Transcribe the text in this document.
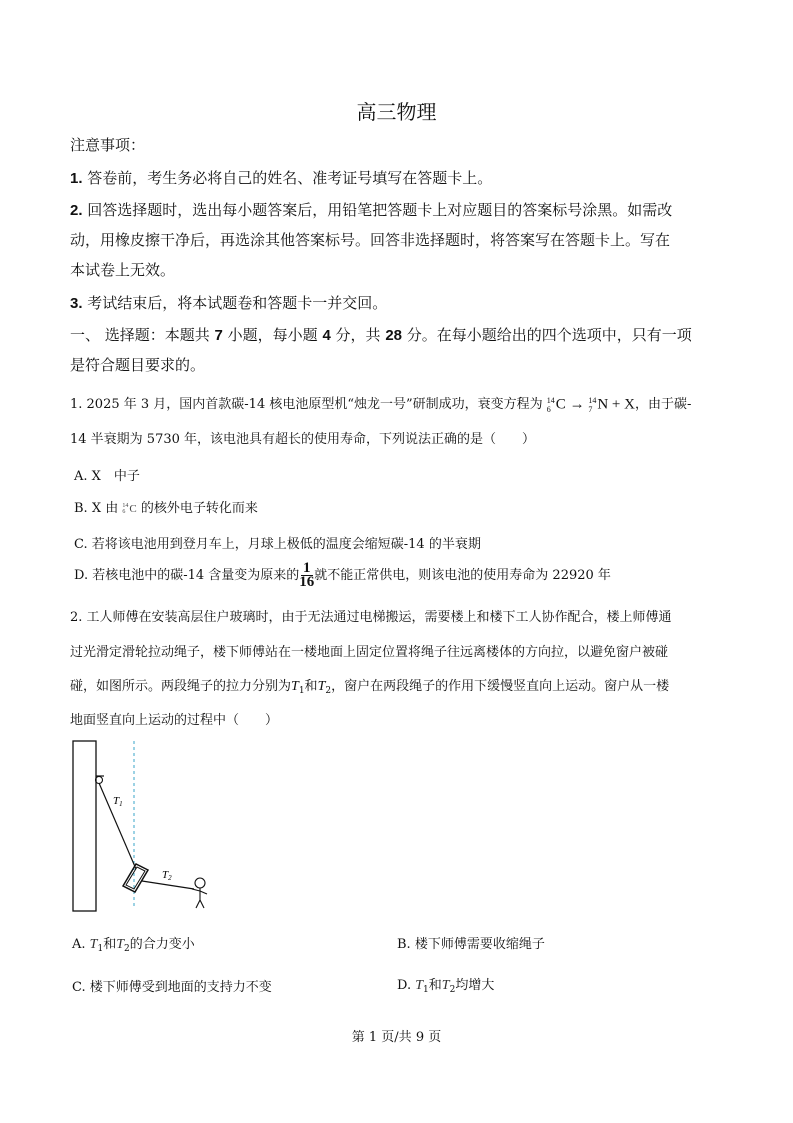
高三物理
注意事项：
1. 答卷前，考生务必将自己的姓名、准考证号填写在答题卡上。
2. 回答选择题时，选出每小题答案后，用铅笔把答题卡上对应题目的答案标号涂黑。如需改
动，用橡皮擦干净后，再选涂其他答案标号。回答非选择题时，将答案写在答题卡上。写在
本试卷上无效。
3. 考试结束后，将本试题卷和答题卡一并交回。
一、 选择题：本题共 7 小题，每小题 4 分，共 28 分。在每小题给出的四个选项中，只有一项
是符合题目要求的。
1. 2025 年 3 月，国内首款碳-14 核电池原型机“烛龙一号”研制成功，衰变方程为 14
6 C → 14
7 N + X，由于碳-
14 半衰期为 5730 年，该电池具有超长的使用寿命，下列说法正确的是（　　）
A. X　中子
B. X 由 14
6 C 的核外电子转化而来
C. 若将该电池用到登月车上，月球上极低的温度会缩短碳-14 的半衰期
D. 若核电池中的碳-14 含量变为原来的 $\frac{1}{16}$ 就不能正常供电，则该电池的使用寿命为 22920 年
2. 工人师傅在安装高层住户玻璃时，由于无法通过电梯搬运，需要楼上和楼下工人协作配合，楼上师傅通
过光滑定滑轮拉动绳子，楼下师傅站在一楼地面上固定位置将绳子往远离楼体的方向拉，以避免窗户被碰
碰，如图所示。两段绳子的拉力分别为$T_1$和$T_2$，窗户在两段绳子的作用下缓慢竖直向上运动。窗户从一楼
地面竖直向上运动的过程中（　　）
T1
T2
A. $T_1$和$T_2$的合力变小	B. 楼下师傅需要收缩绳子
C. 楼下师傅受到地面的支持力不变	D. $T_1$和$T_2$均增大
第 1 页/共 9 页
